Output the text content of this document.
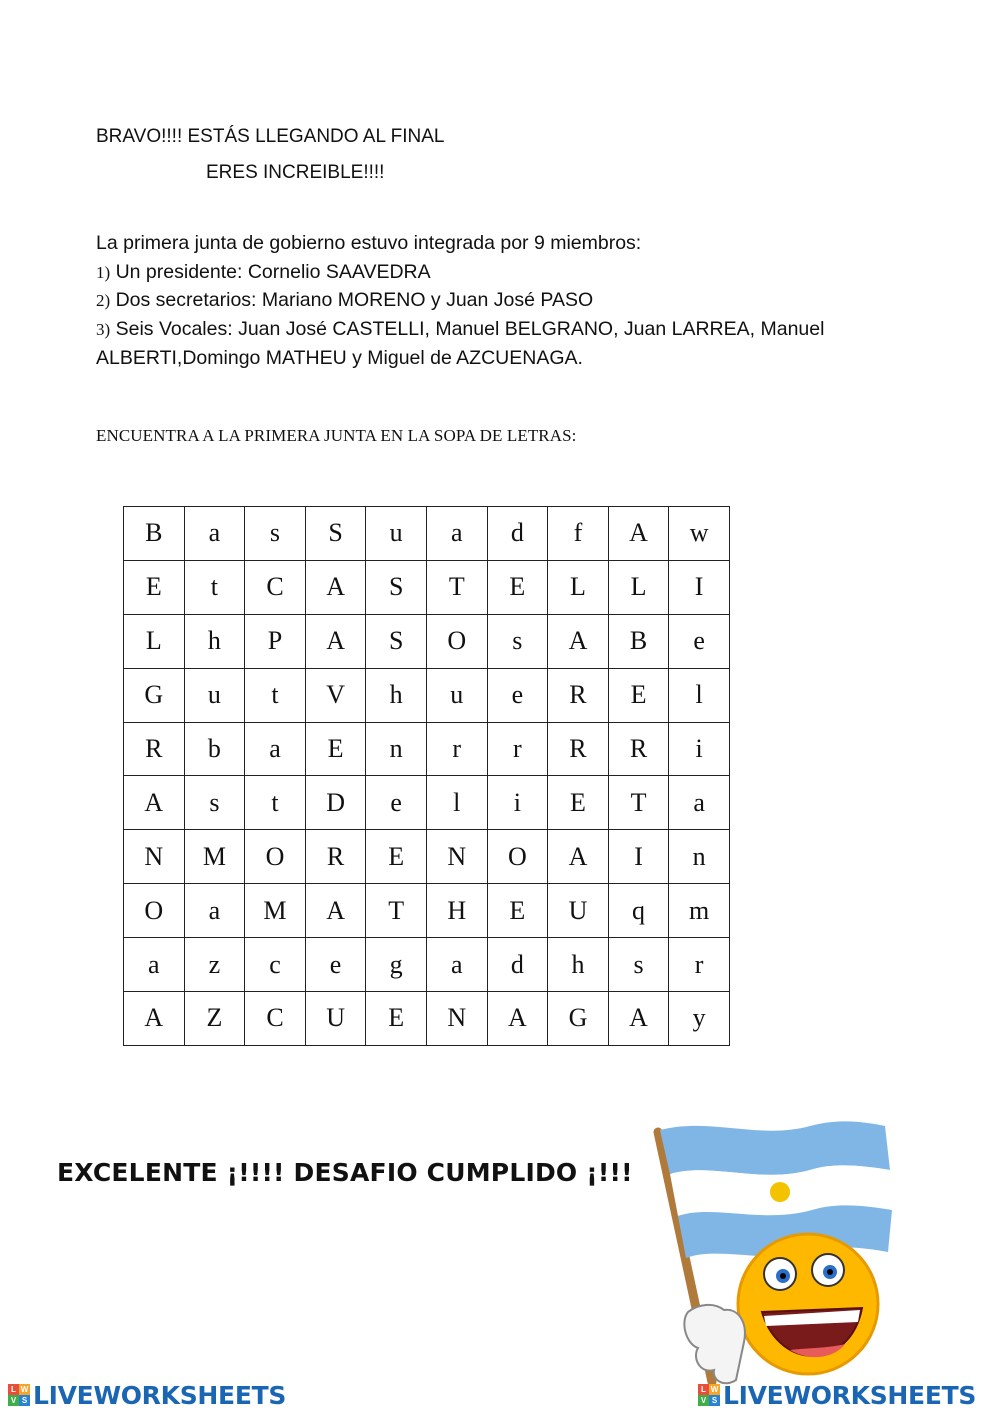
BRAVO!!!! ESTÁS LLEGANDO AL FINAL
ERES INCREIBLE!!!!
La primera junta de gobierno estuvo integrada por 9 miembros:
1) Un presidente: Cornelio SAAVEDRA
2) Dos secretarios: Mariano MORENO y Juan José PASO
3) Seis Vocales: Juan José CASTELLI, Manuel BELGRANO, Juan LARREA, Manuel
ALBERTI,Domingo MATHEU y Miguel de AZCUENAGA.
ENCUENTRA A LA PRIMERA JUNTA EN LA SOPA DE LETRAS:
B	a	s	S	u	a	d	f	A	w
E	t	C	A	S	T	E	L	L	I
L	h	P	A	S	O	s	A	B	e
G	u	t	V	h	u	e	R	E	l
R	b	a	E	n	r	r	R	R	i
A	s	t	D	e	l	i	E	T	a
N	M	O	R	E	N	O	A	I	n
O	a	M	A	T	H	E	U	q	m
a	z	c	e	g	a	d	h	s	r
A	Z	C	U	E	N	A	G	A	y
EXCELENTE ¡!!!! DESAFIO CUMPLIDO ¡!!!
L W
V S LIVEWORKSHEETS	L W
V S LIVEWORKSHEETS
